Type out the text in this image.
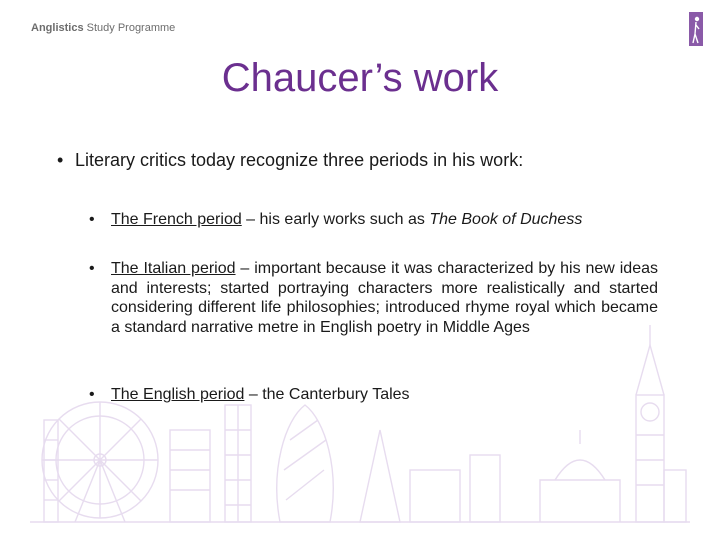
Anglistics Study Programme
Chaucer’s work
• Literary critics today recognize three periods in his work:
• The French period – his early works such as The Book of Duchess
• The Italian period – important because it was characterized by his new ideas and interests; started portraying characters more realistically and started considering different life philosophies; introduced rhyme royal which became a standard narrative metre in English poetry in Middle Ages
• The English period – the Canterbury Tales
